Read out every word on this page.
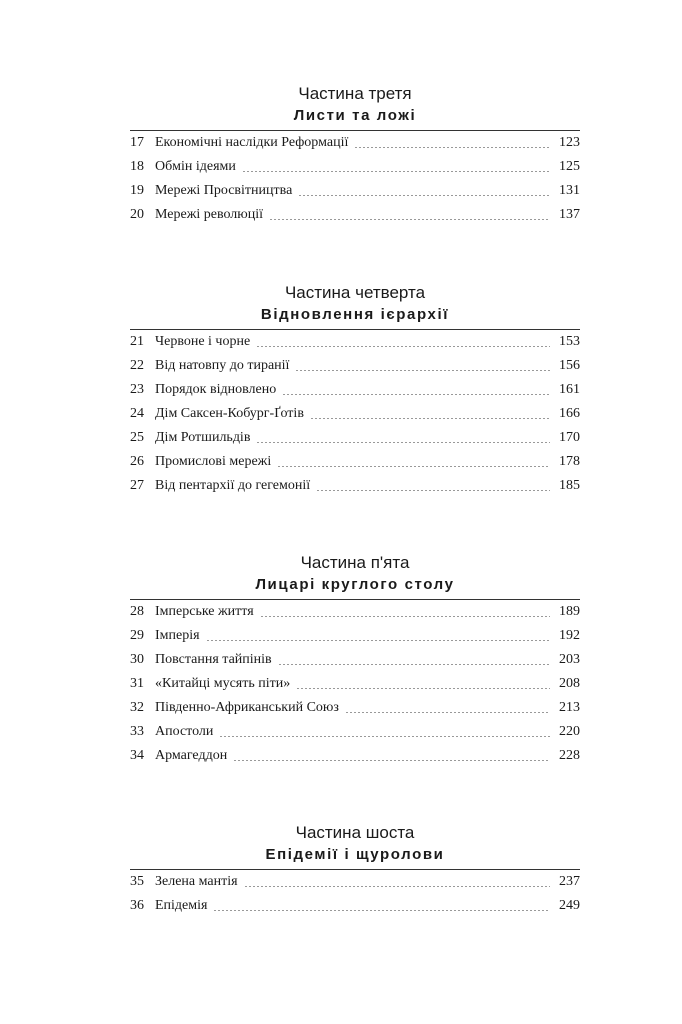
Частина третя

Листи та ложі

17 Економічні наслідки Реформації	123
18 Обмін ідеями	125
19 Мережі Просвітництва	131
20 Мережі революції	137

Частина четверта

Відновлення ієрархії

21 Червоне і чорне	153
22 Від натовпу до тиранії	156
23 Порядок відновлено	161
24 Дім Саксен-Кобург-Ґотів	166
25 Дім Ротшильдів	170
26 Промислові мережі	178
27 Від пентархії до гегемонії	185

Частина п'ята

Лицарі круглого столу

28 Імперське життя	189
29 Імперія	192
30 Повстання тайпінів	203
31 «Китайці мусять піти»	208
32 Південно-Африканський Союз	213
33 Апостоли	220
34 Армагеддон	228

Частина шоста

Епідемії і щуролови

35 Зелена мантія	237
36 Епідемія	249
